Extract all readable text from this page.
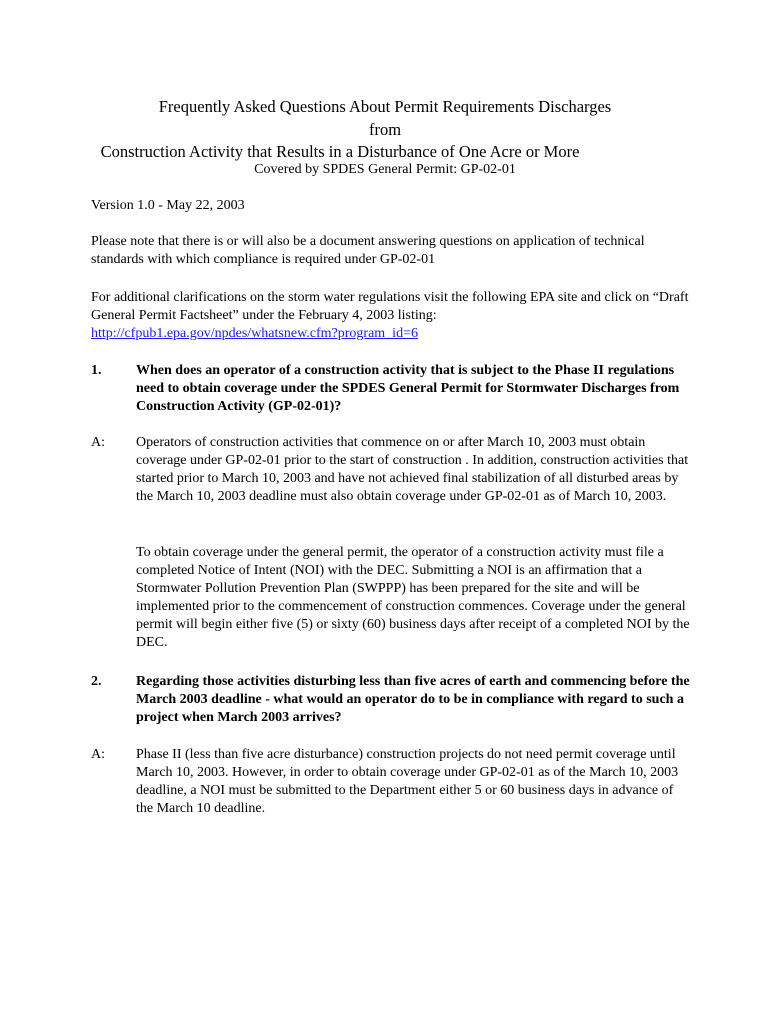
Frequently Asked Questions About Permit Requirements Discharges
from
Construction Activity that Results in a Disturbance of One Acre or More
Covered by SPDES General Permit: GP-02-01

Version 1.0 - May 22, 2003

Please note that there is or will also be a document answering questions on application of technical standards with which compliance is required under GP-02-01

For additional clarifications on the storm water regulations visit the following EPA site and click on “Draft General Permit Factsheet” under the February 4, 2003 listing:
http://cfpub1.epa.gov/npdes/whatsnew.cfm?program_id=6
1. When does an operator of a construction activity that is subject to the Phase II regulations need to obtain coverage under the SPDES General Permit for Stormwater Discharges from Construction Activity (GP-02-01)?
A: Operators of construction activities that commence on or after March 10, 2003 must obtain coverage under GP-02-01 prior to the start of construction . In addition, construction activities that started prior to March 10, 2003 and have not achieved final stabilization of all disturbed areas by the March 10, 2003 deadline must also obtain coverage under GP-02-01 as of March 10, 2003.
To obtain coverage under the general permit, the operator of a construction activity must file a completed Notice of Intent (NOI) with the DEC. Submitting a NOI is an affirmation that a Stormwater Pollution Prevention Plan (SWPPP) has been prepared for the site and will be implemented prior to the commencement of construction commences. Coverage under the general permit will begin either five (5) or sixty (60) business days after receipt of a completed NOI by the DEC.
2. Regarding those activities disturbing less than five acres of earth and commencing before the March 2003 deadline - what would an operator do to be in compliance with regard to such a project when March 2003 arrives?
A: Phase II (less than five acre disturbance) construction projects do not need permit coverage until March 10, 2003. However, in order to obtain coverage under GP-02-01 as of the March 10, 2003 deadline, a NOI must be submitted to the Department either 5 or 60 business days in advance of the March 10 deadline.
